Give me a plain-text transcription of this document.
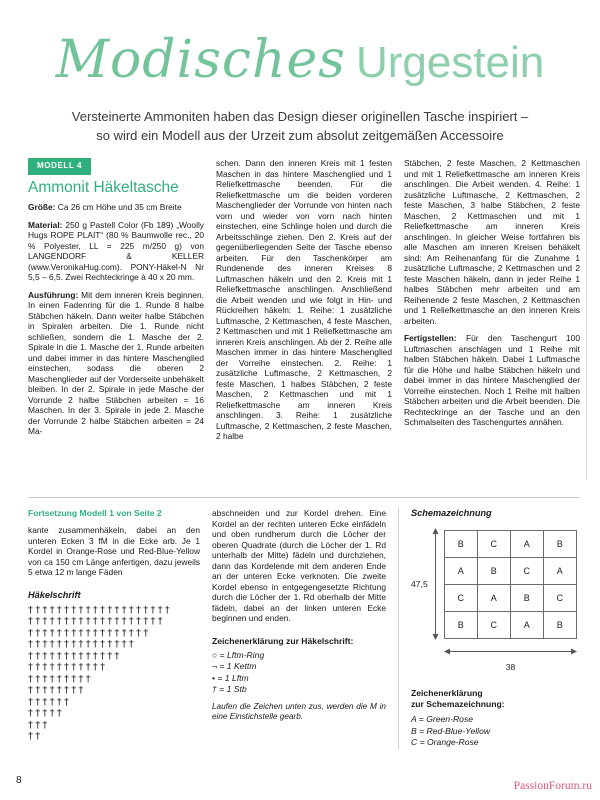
Modisches Urgestein
Versteinerte Ammoniten haben das Design dieser originellen Tasche inspiriert –
so wird ein Modell aus der Urzeit zum absolut zeitgemäßen Accessoire
MODELL 4
Ammonit Häkeltasche

Größe: Ca 26 cm Höhe und 35 cm Breite

Material: 250 g Pastell Color (Fb 189) „Woolly Hugs ROPE PLAIT“ (80 % Baumwolle rec., 20 % Polyester, LL = 225 m/250 g) von LANGENDORF & KELLER (www.VeronikaHug.com). PONY-Häkel-N Nr 5,5 – 6,5. Zwei Rechteckringe à 40 x 20 mm.

Ausführung: Mit dem inneren Kreis beginnen. In einen Fadenring für die 1. Runde 8 halbe Stäbchen häkeln. Dann weiter halbe Stäbchen in Spiralen arbeiten. Die 1. Runde nicht schließen, sondern die 1. Masche der 2. Spirale in die 1. Masche der 1. Runde arbeiten und dabei immer in das hintere Maschenglied einstechen, sodass die oberen 2 Maschenglieder auf der Vorderseite unbehäkelt bleiben. In der 2. Spirale in jede Masche der Vorrunde 2 halbe Stäbchen arbeiten = 16 Maschen. In der 3. Spirale in jede 2. Masche der Vorrunde 2 halbe Stäbchen arbeiten = 24 Ma-

schen. Dann den inneren Kreis mit 1 festen Maschen in das hintere Maschenglied und 1 Reliefkettmasche beenden. Für die Reliefkettmasche um die beiden vorderen Maschenglieder der Vorrunde von hinten nach vorn und wieder von vorn nach hinten einstechen, eine Schlinge holen und durch die Arbeitsschlinge ziehen. Den 2. Kreis auf der gegenüberliegenden Seite der Tasche ebenso arbeiten. Für den Taschenkörper am Rundenende des inneren Kreises 8 Luftmaschen häkeln und den 2. Kreis mit 1 Reliefkettmasche anschlingen. Anschließend die Arbeit wenden und wie folgt in Hin- und Rückreihen häkeln: 1. Reihe: 1 zusätzliche Luftmasche, 2 Kettmaschen, 4 feste Maschen, 2 Kettmaschen und mit 1 Reliefkettmasche am inneren Kreis anschlingen. Ab der 2. Reihe alle Maschen immer in das hintere Maschenglied der Vorreihe einstechen. 2. Reihe: 1 zusätzliche Luftmasche, 2 Kettmaschen, 2 feste Maschen, 1 halbes Stäbchen, 2 feste Maschen, 2 Kettmaschen und mit 1 Reliefkettmasche am inneren Kreis anschlingen. 3. Reihe: 1 zusätzliche Luftmasche, 2 Kettmaschen, 2 feste Maschen, 2 halbe

Stäbchen, 2 feste Maschen, 2 Kettmaschen und mit 1 Reliefkettmasche am inneren Kreis anschlingen. Die Arbeit wenden. 4. Reihe: 1 zusätzliche Luftmasche, 2 Kettmaschen, 2 feste Maschen, 3 halbe Stäbchen, 2 feste Maschen, 2 Kettmaschen und mit 1 Reliefkettmasche am inneren Kreis anschlingen. In gleicher Weise fortfahren bis alle Maschen am inneren Kreisen behäkelt sind: Am Reihenanfang für die Zunahme 1 zusätzliche Luftmasche, 2 Kettmaschen und 2 feste Maschen häkeln, dann in jeder Reihe 1 halbes Stäbchen mehr arbeiten und am Reihenende 2 feste Maschen, 2 Kettmaschen und 1 Reliefkettmasche an den inneren Kreis arbeiten.

Fertigstellen: Für den Taschengurt 100 Luftmaschen anschlagen und 1 Reihe mit halben Stäbchen häkeln. Dabei 1 Luftmasche für die Höhe und halbe Stäbchen häkeln und dabei immer in das hintere Maschenglied der Vorreihe einstechen. Noch 1 Reihe mit halben Stäbchen arbeiten und die Arbeit beenden. Die Rechteckringe an der Tasche und an den Schmalseiten des Taschengurtes annähen.

Fortsetzung Modell 1 von Seite 2

kante zusammenhäkeln, dabei an den unteren Ecken 3 fM in die Ecke arb. Je 1 Kordel in Orange-Rose und Red-Blue-Yellow von ca 150 cm Länge anfertigen, dazu jeweils 5 etwa 12 m lange Fäden

Häkelschrift
††††††††††††††††††††
†††††††††††††††††††
†††††††††††††††††
†††††††††††††††
†††††††††††††
†††††††††††
†††††††††
††††††††
††††††
†††††
†††
††

abschneiden und zur Kordel drehen. Eine Kordel an der rechten unteren Ecke einfädeln und oben rundherum durch die Löcher der oberen Quadrate (durch die Löcher der 1. Rd unterhalb der Mitte) fädeln und durchziehen, dann das Kordelende mit dem anderen Ende an der unteren Ecke verknoten. Die zweite Kordel ebenso in entgegengesetzte Richtung durch die Löcher der 1. Rd oberhalb der Mitte fädeln, dabei an der linken unteren Ecke beginnen und enden.

Zeichenerklärung zur Häkelschrift:
○ = Lftm-Ring
¬ = 1 Kettm
• = 1 Lftm
† = 1 Stb

Laufen die Zeichen unten zus, werden die M in eine Einstichstelle gearb.

Schemazeichnung
47,5
B	C	A	B
A	B	C	A
C	A	B	C
B	C	A	B
38
Zeichenerklärung
zur Schemazeichnung:
A = Green-Rose
B = Red-Blue-Yellow
C = Orange-Rose
8	PassionForum.ru
